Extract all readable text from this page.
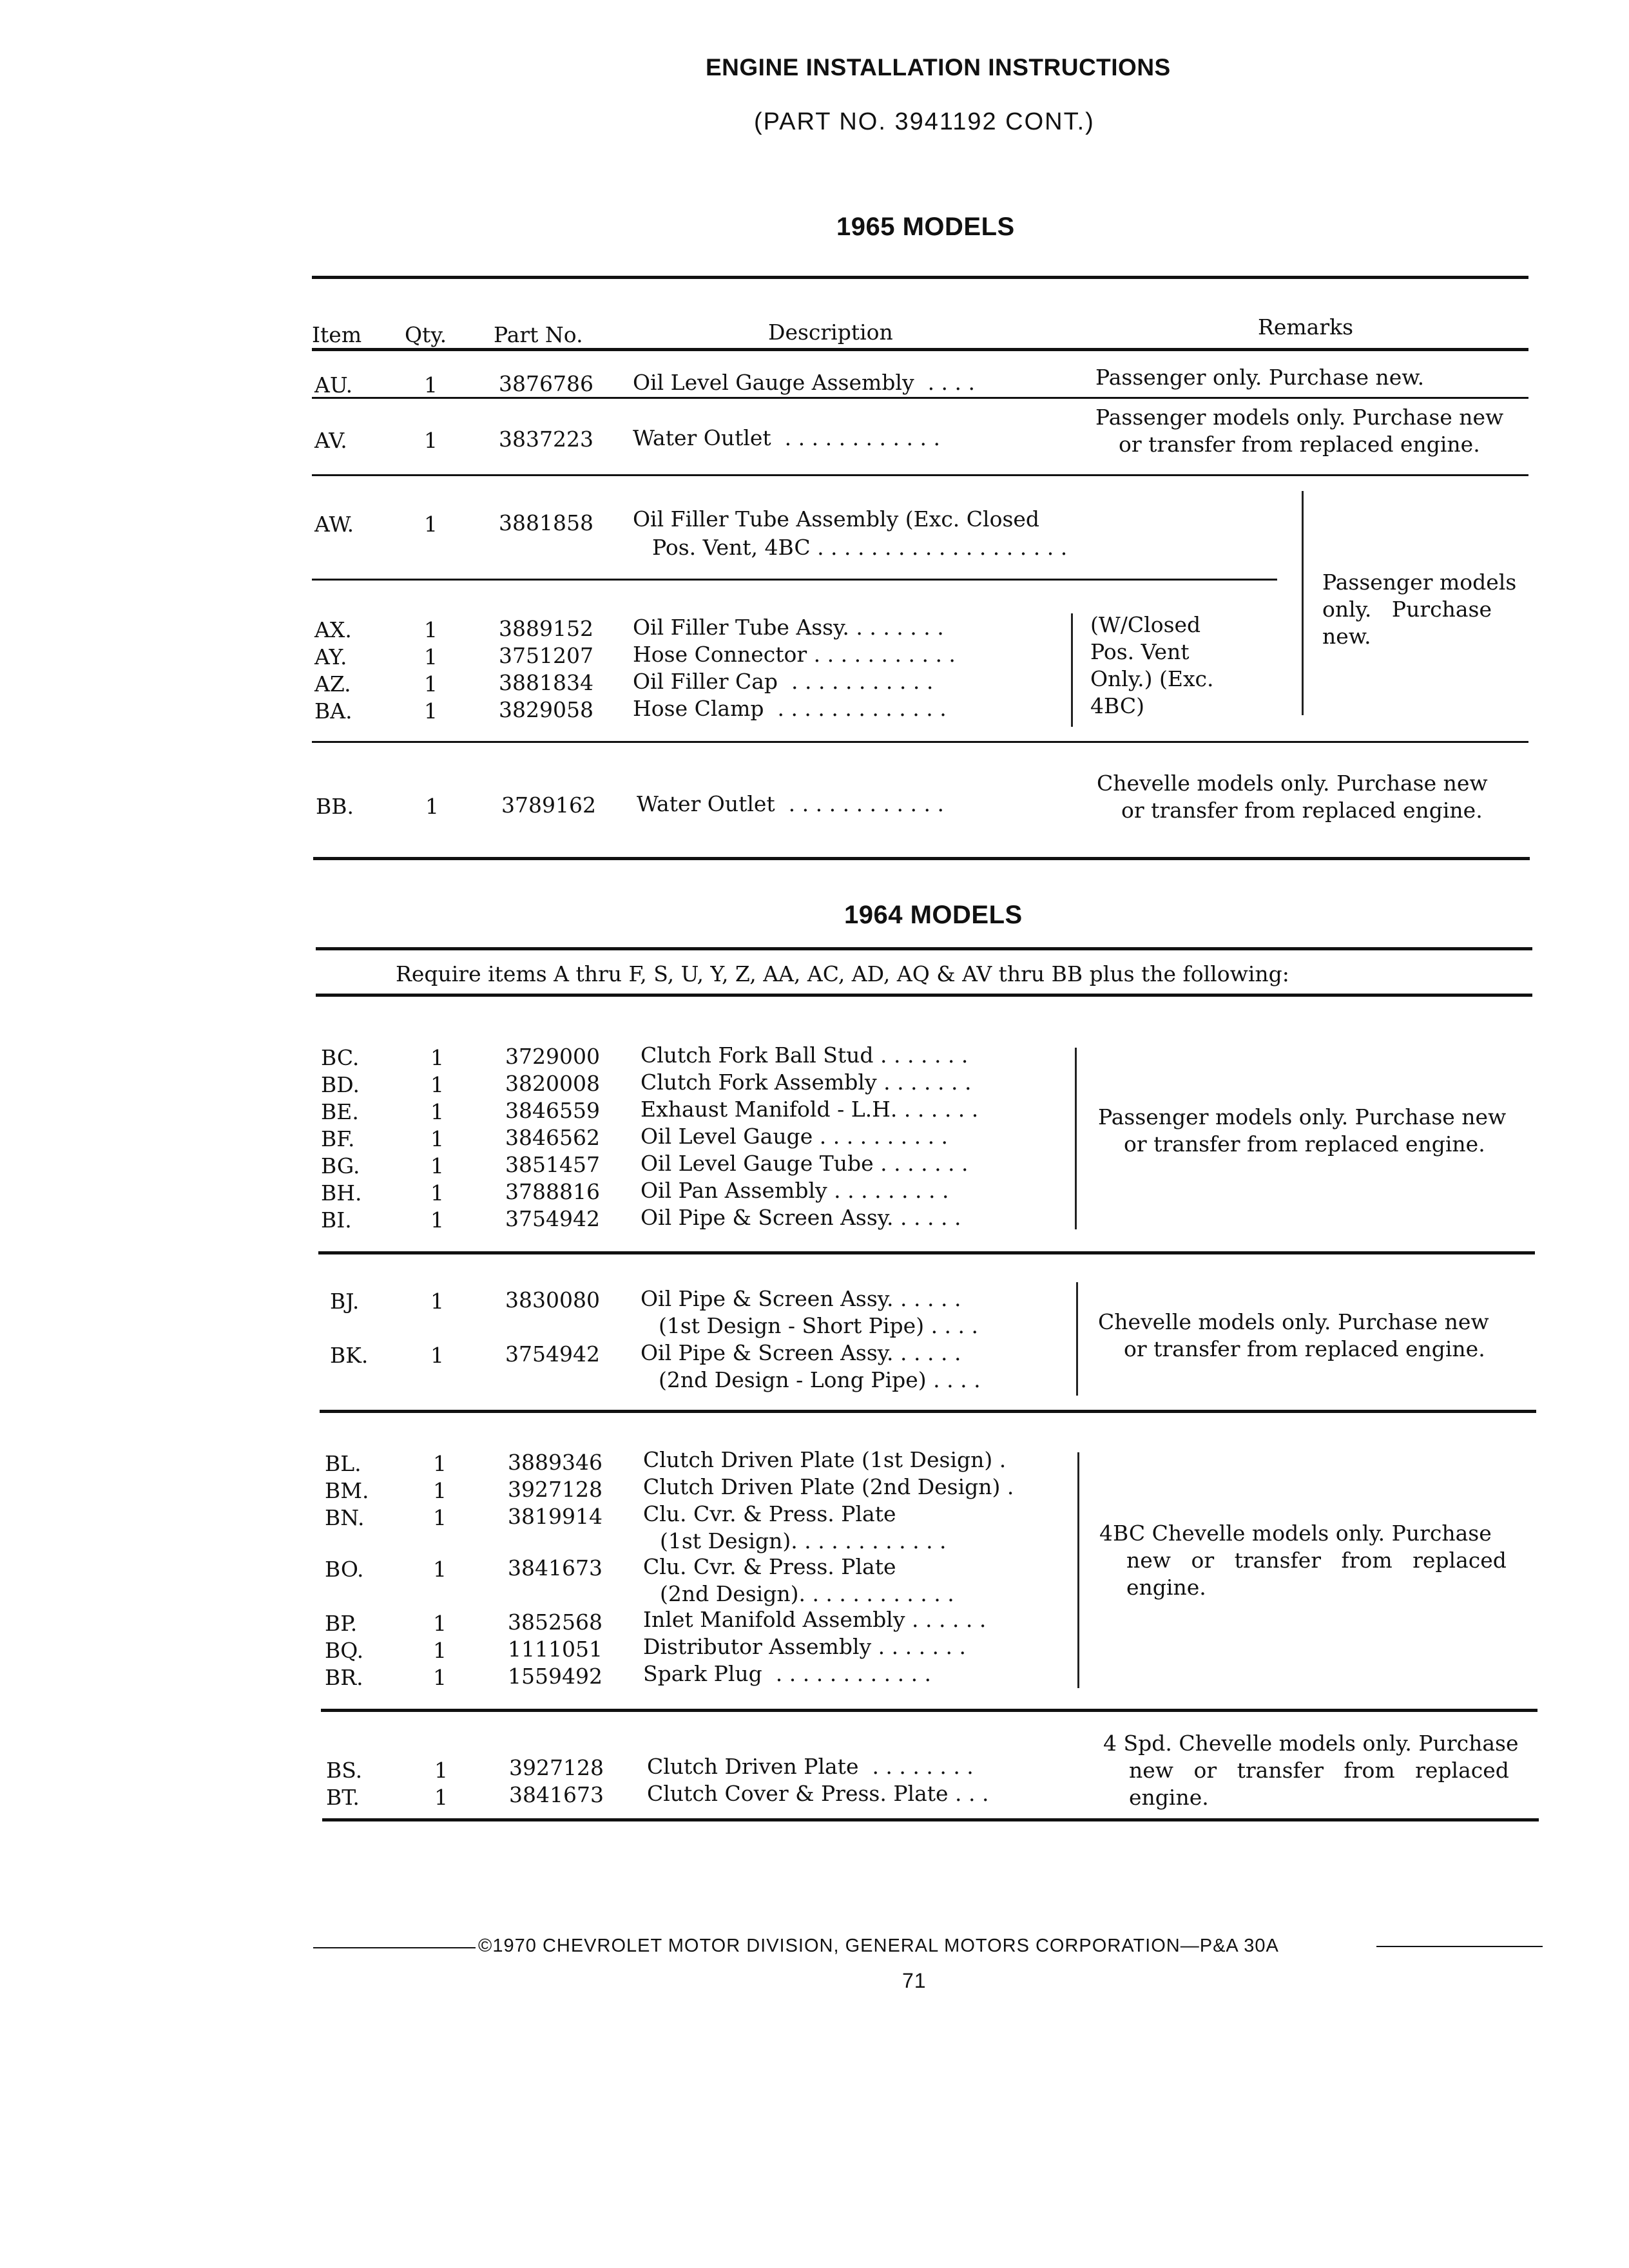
ENGINE INSTALLATION INSTRUCTIONS
(PART NO. 3941192 CONT.)
1965 MODELS
Item Qty. Part No.	Description	Remarks
AU.	1	3876786 Oil Level Gauge Assembly  . . . .	Passenger only. Purchase new.
AV.	1	3837223 Water Outlet  . . . . . . . . . . . .
Passenger models only. Purchase new
or transfer from replaced engine.
AW.	1	3881858 Oil Filler Tube Assembly (Exc. Closed
Pos. Vent, 4BC . . . . . . . . . . . . . . . . . . .
AX.	1	3889152 Oil Filler Tube Assy. . . . . . . .
AY.	1	3751207 Hose Connector . . . . . . . . . . .
AZ.	1	3881834 Oil Filler Cap  . . . . . . . . . . .
BA.	1	3829058 Hose Clamp  . . . . . . . . . . . . .
(W/Closed
Pos. Vent
Only.) (Exc.
4BC)
Passenger models
only.   Purchase
new.
BB.	1	3789162 Water Outlet  . . . . . . . . . . . .
Chevelle models only. Purchase new
or transfer from replaced engine.
1964 MODELS
Require items A thru F, S, U, Y, Z, AA, AC, AD, AQ & AV thru BB plus the following:
BC.	1	3729000 Clutch Fork Ball Stud . . . . . . .
BD.	1	3820008 Clutch Fork Assembly . . . . . . .
BE.	1	3846559 Exhaust Manifold - L.H. . . . . . .
BF.	1	3846562 Oil Level Gauge . . . . . . . . . .
BG.	1	3851457 Oil Level Gauge Tube . . . . . . .
BH.	1	3788816 Oil Pan Assembly . . . . . . . . .
BI.	1	3754942 Oil Pipe & Screen Assy. . . . . .
Passenger models only. Purchase new
or transfer from replaced engine.
BJ.	1	3830080 Oil Pipe & Screen Assy. . . . . .
(1st Design - Short Pipe) . . . .
BK.	1	3754942 Oil Pipe & Screen Assy. . . . . .
(2nd Design - Long Pipe) . . . .
Chevelle models only. Purchase new
or transfer from replaced engine.
BL.	1	3889346 Clutch Driven Plate (1st Design) .
BM.	1	3927128 Clutch Driven Plate (2nd Design) .
BN.	1	3819914 Clu. Cvr. & Press. Plate
(1st Design). . . . . . . . . . . .
BO.	1	3841673 Clu. Cvr. & Press. Plate
(2nd Design). . . . . . . . . . . .
BP.	1	3852568 Inlet Manifold Assembly . . . . . .
BQ.	1	1111051 Distributor Assembly . . . . . . .
BR.	1	1559492 Spark Plug  . . . . . . . . . . . .
4BC Chevelle models only. Purchase
new   or   transfer   from   replaced
engine.
BS.	1	3927128 Clutch Driven Plate  . . . . . . . .
BT.	1	3841673 Clutch Cover & Press. Plate . . .
4 Spd. Chevelle models only. Purchase
new   or   transfer   from   replaced
engine.
©1970 CHEVROLET MOTOR DIVISION, GENERAL MOTORS CORPORATION—P&A 30A
71
